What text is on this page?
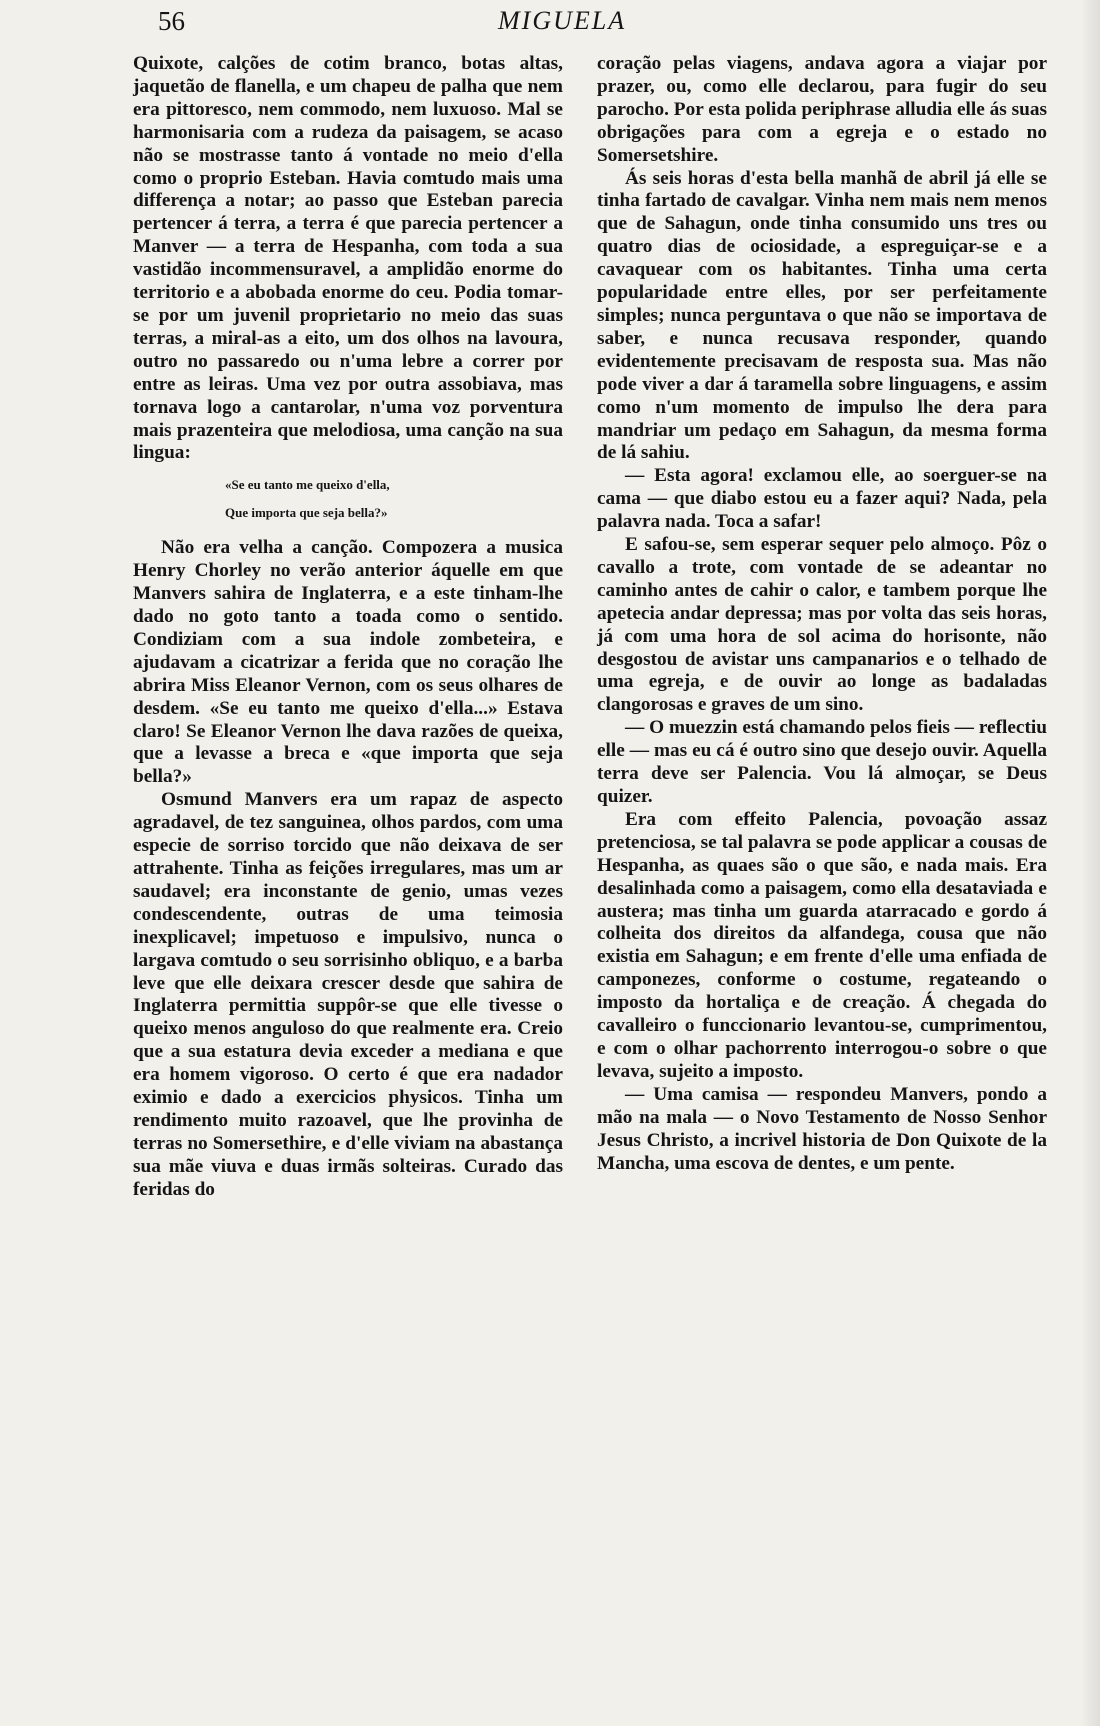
56	MIGUELA

Quixote, calções de cotim branco, botas altas, jaquetão de flanella, e um chapeu de palha que nem era pittoresco, nem commodo, nem luxuoso. Mal se harmonisaria com a rudeza da paisagem, se acaso não se mostrasse tanto á vontade no meio d'ella como o proprio Esteban. Havia comtudo mais uma differença a notar; ao passo que Esteban parecia pertencer á terra, a terra é que parecia pertencer a Manver — a terra de Hespanha, com toda a sua vastidão incommensuravel, a amplidão enorme do territorio e a abobada enorme do ceu. Podia tomar-se por um juvenil proprietario no meio das suas terras, a miral-as a eito, um dos olhos na lavoura, outro no passaredo ou n'uma lebre a correr por entre as leiras. Uma vez por outra assobiava, mas tornava logo a cantarolar, n'uma voz porventura mais prazenteira que melodiosa, uma canção na sua lingua:

«Se eu tanto me queixo d'ella,
Que importa que seja bella?»

Não era velha a canção. Compozera a musica Henry Chorley no verão anterior áquelle em que Manvers sahira de Inglaterra, e a este tinham-lhe dado no goto tanto a toada como o sentido. Condiziam com a sua indole zombeteira, e ajudavam a cicatrizar a ferida que no coração lhe abrira Miss Eleanor Vernon, com os seus olhares de desdem. «Se eu tanto me queixo d'ella...» Estava claro! Se Eleanor Vernon lhe dava razões de queixa, que a levasse a breca e «que importa que seja bella?»

Osmund Manvers era um rapaz de aspecto agradavel, de tez sanguinea, olhos pardos, com uma especie de sorriso torcido que não deixava de ser attrahente. Tinha as feições irregulares, mas um ar saudavel; era inconstante de genio, umas vezes condescendente, outras de uma teimosia inexplicavel; impetuoso e impulsivo, nunca o largava comtudo o seu sorrisinho obliquo, e a barba leve que elle deixara crescer desde que sahira de Inglaterra permittia suppôr-se que elle tivesse o queixo menos anguloso do que realmente era. Creio que a sua estatura devia exceder a mediana e que era homem vigoroso. O certo é que era nadador eximio e dado a exercicios physicos. Tinha um rendimento muito razoavel, que lhe provinha de terras no Somersethire, e d'elle viviam na abastança sua mãe viuva e duas irmãs solteiras. Curado das feridas do

coração pelas viagens, andava agora a viajar por prazer, ou, como elle declarou, para fugir do seu parocho. Por esta polida periphrase alludia elle ás suas obrigações para com a egreja e o estado no Somersetshire.

Ás seis horas d'esta bella manhã de abril já elle se tinha fartado de cavalgar. Vinha nem mais nem menos que de Sahagun, onde tinha consumido uns tres ou quatro dias de ociosidade, a espreguiçar-se e a cavaquear com os habitantes. Tinha uma certa popularidade entre elles, por ser perfeitamente simples; nunca perguntava o que não se importava de saber, e nunca recusava responder, quando evidentemente precisavam de resposta sua. Mas não pode viver a dar á taramella sobre linguagens, e assim como n'um momento de impulso lhe dera para mandriar um pedaço em Sahagun, da mesma forma de lá sahiu.

— Esta agora! exclamou elle, ao soerguer-se na cama — que diabo estou eu a fazer aqui? Nada, pela palavra nada. Toca a safar!

E safou-se, sem esperar sequer pelo almoço. Pôz o cavallo a trote, com vontade de se adeantar no caminho antes de cahir o calor, e tambem porque lhe apetecia andar depressa; mas por volta das seis horas, já com uma hora de sol acima do horisonte, não desgostou de avistar uns campanarios e o telhado de uma egreja, e de ouvir ao longe as badaladas clangorosas e graves de um sino.

— O muezzin está chamando pelos fieis — reflectiu elle — mas eu cá é outro sino que desejo ouvir. Aquella terra deve ser Palencia. Vou lá almoçar, se Deus quizer.

Era com effeito Palencia, povoação assaz pretenciosa, se tal palavra se pode applicar a cousas de Hespanha, as quaes são o que são, e nada mais. Era desalinhada como a paisagem, como ella desataviada e austera; mas tinha um guarda atarracado e gordo á colheita dos direitos da alfandega, cousa que não existia em Sahagun; e em frente d'elle uma enfiada de camponezes, conforme o costume, regateando o imposto da hortaliça e de creação. Á chegada do cavalleiro o funccionario levantou-se, cumprimentou, e com o olhar pachorrento interrogou-o sobre o que levava, sujeito a imposto.

— Uma camisa — respondeu Manvers, pondo a mão na mala — o Novo Testamento de Nosso Senhor Jesus Christo, a incrivel historia de Don Quixote de la Mancha, uma escova de dentes, e um pente.
